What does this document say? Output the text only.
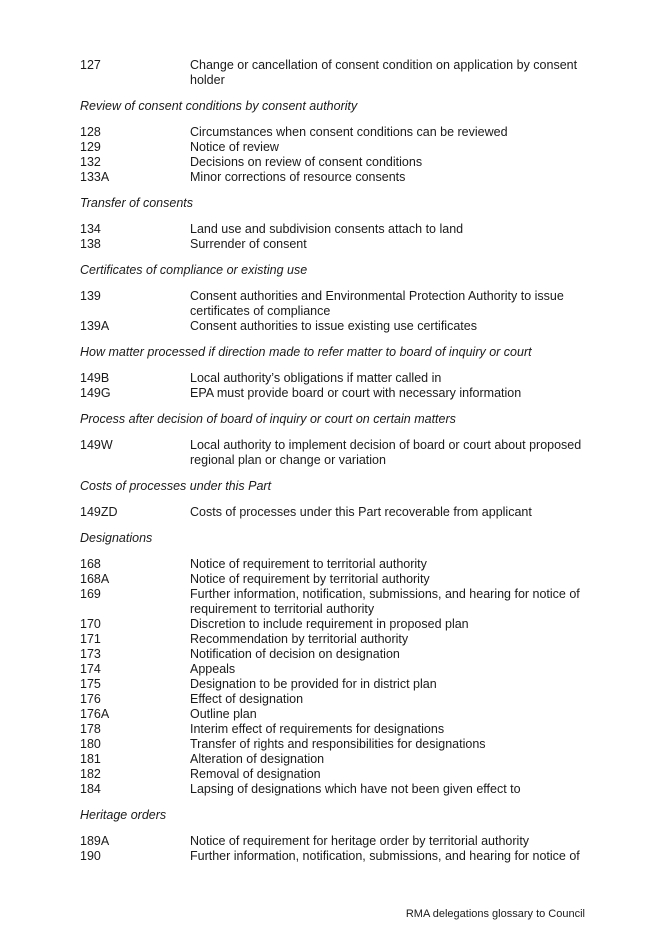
127	Change or cancellation of consent condition on application by consent holder
Review of consent conditions by consent authority
128	Circumstances when consent conditions can be reviewed
129	Notice of review
132	Decisions on review of consent conditions
133A	Minor corrections of resource consents
Transfer of consents
134	Land use and subdivision consents attach to land
138	Surrender of consent
Certificates of compliance or existing use
139	Consent authorities and Environmental Protection Authority to issue certificates of compliance
139A	Consent authorities to issue existing use certificates
How matter processed if direction made to refer matter to board of inquiry or court
149B	Local authority’s obligations if matter called in
149G	EPA must provide board or court with necessary information
Process after decision of board of inquiry or court on certain matters
149W	Local authority to implement decision of board or court about proposed regional plan or change or variation
Costs of processes under this Part
149ZD	Costs of processes under this Part recoverable from applicant
Designations
168	Notice of requirement to territorial authority
168A	Notice of requirement by territorial authority
169	Further information, notification, submissions, and hearing for notice of requirement to territorial authority
170	Discretion to include requirement in proposed plan
171	Recommendation by territorial authority
173	Notification of decision on designation
174	Appeals
175	Designation to be provided for in district plan
176	Effect of designation
176A	Outline plan
178	Interim effect of requirements for designations
180	Transfer of rights and responsibilities for designations
181	Alteration of designation
182	Removal of designation
184	Lapsing of designations which have not been given effect to
Heritage orders
189A	Notice of requirement for heritage order by territorial authority
190	Further information, notification, submissions, and hearing for notice of
RMA delegations glossary to Council
